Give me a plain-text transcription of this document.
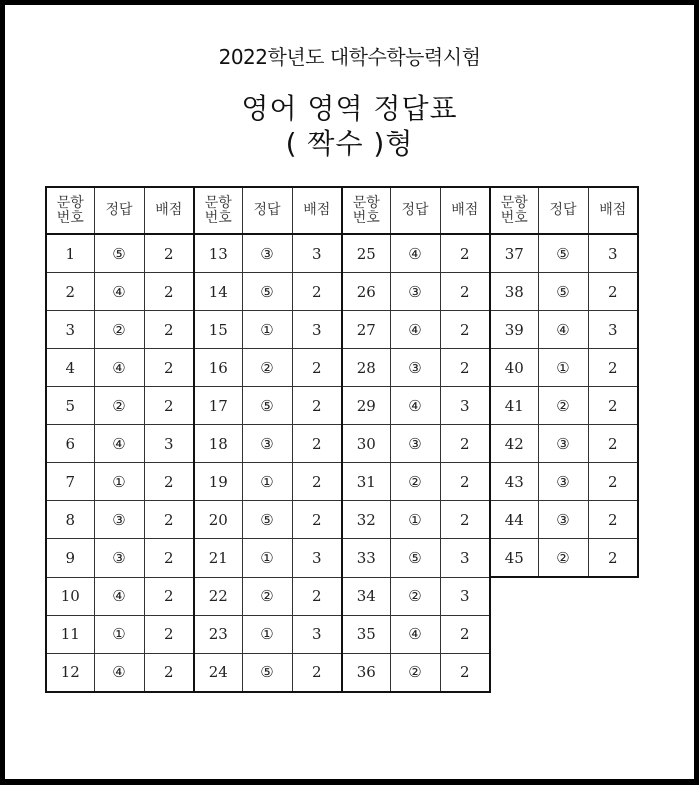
2022학년도 대학수학능력시험
영어 영역 정답표
( 짝수 )형
문항
번호	정답	배점	문항
번호	정답	배점	문항
번호	정답	배점	문항
번호	정답	배점
1	⑤	2	13	③	3	25	④	2	37	⑤	3
2	④	2	14	⑤	2	26	③	2	38	⑤	2
3	②	2	15	①	3	27	④	2	39	④	3
4	④	2	16	②	2	28	③	2	40	①	2
5	②	2	17	⑤	2	29	④	3	41	②	2
6	④	3	18	③	2	30	③	2	42	③	2
7	①	2	19	①	2	31	②	2	43	③	2
8	③	2	20	⑤	2	32	①	2	44	③	2
9	③	2	21	①	3	33	⑤	3	45	②	2
10	④	2	22	②	2	34	②	3			
11	①	2	23	①	3	35	④	2			
12	④	2	24	⑤	2	36	②	2			
